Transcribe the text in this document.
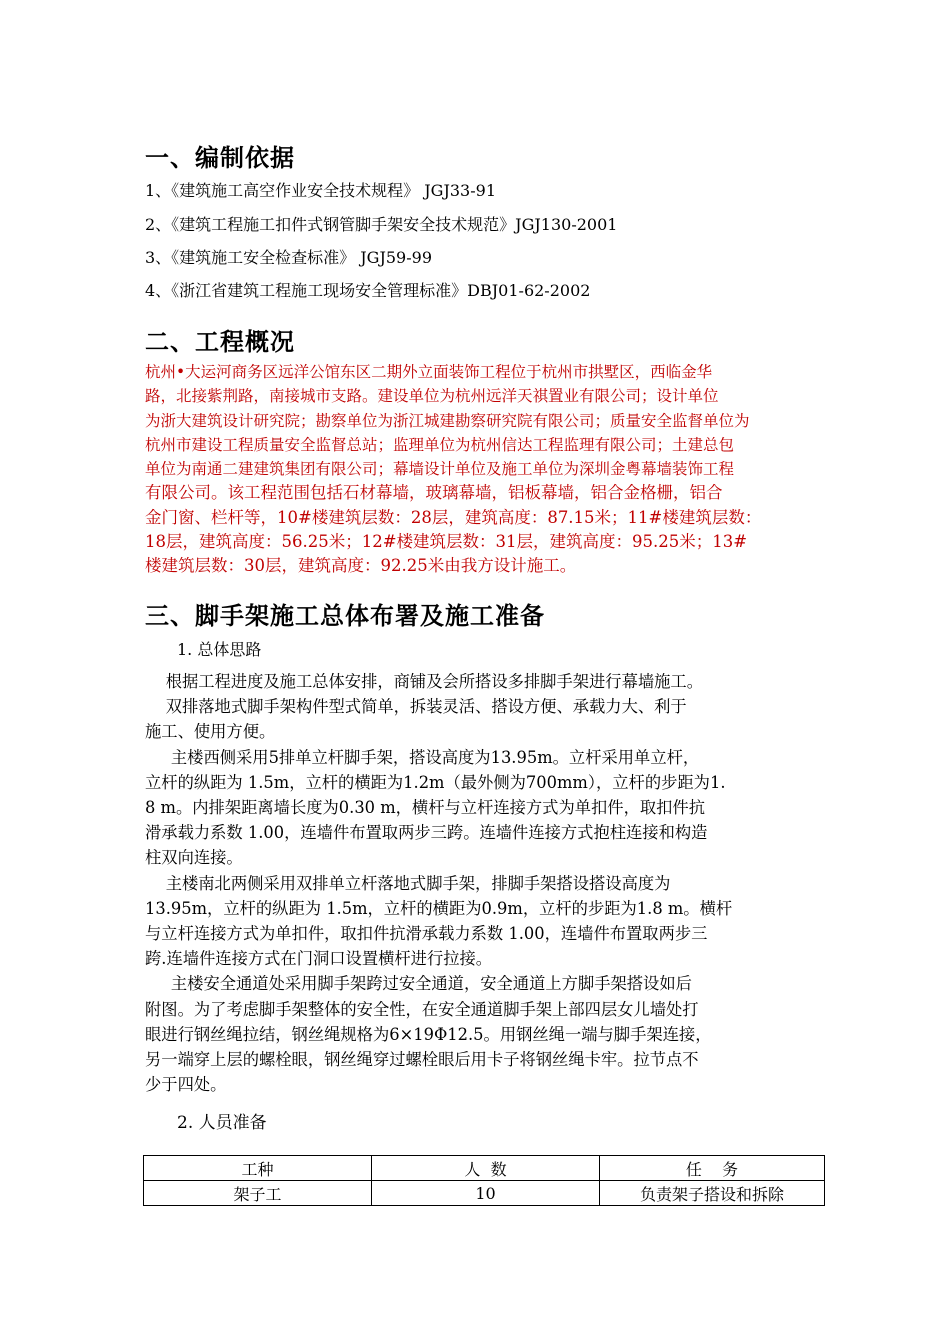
一、编制依据
1、《建筑施工高空作业安全技术规程》 JGJ33-91
2、《建筑工程施工扣件式钢管脚手架安全技术规范》JGJ130-2001
3、《建筑施工安全检查标准》 JGJ59-99
4、《浙江省建筑工程施工现场安全管理标准》DBJ01-62-2002
二、工程概况

杭州•大运河商务区远洋公馆东区二期外立面装饰工程位于杭州市拱墅区，西临金华

路，北接紫荆路，南接城市支路。建设单位为杭州远洋天祺置业有限公司；设计单位

为浙大建筑设计研究院；勘察单位为浙江城建勘察研究院有限公司；质量安全监督单位为

杭州市建设工程质量安全监督总站；监理单位为杭州信达工程监理有限公司；土建总包

单位为南通二建建筑集团有限公司；幕墙设计单位及施工单位为深圳金粤幕墙装饰工程

有限公司。该工程范围包括石材幕墙，玻璃幕墙，铝板幕墙，铝合金格栅，铝合

金门窗、栏杆等，10#楼建筑层数：28层，建筑高度：87.15米；11#楼建筑层数：

18层，建筑高度：56.25米；12#楼建筑层数：31层，建筑高度：95.25米；13#

楼建筑层数：30层，建筑高度：92.25米由我方设计施工。

三、脚手架施工总体布署及施工准备
1. 总体思路

根据工程进度及施工总体安排，商铺及会所搭设多排脚手架进行幕墙施工。

双排落地式脚手架构件型式简单，拆装灵活、搭设方便、承载力大、利于

施工、使用方便。

主楼西侧采用5排单立杆脚手架，搭设高度为13.95m。立杆采用单立杆，

立杆的纵距为 1.5m，立杆的横距为1.2m（最外侧为700mm），立杆的步距为1.

8 m。内排架距离墙长度为0.30 m，横杆与立杆连接方式为单扣件，取扣件抗

滑承载力系数 1.00，连墙件布置取两步三跨。连墙件连接方式抱柱连接和构造

柱双向连接。

主楼南北两侧采用双排单立杆落地式脚手架，排脚手架搭设搭设高度为

13.95m，立杆的纵距为 1.5m，立杆的横距为0.9m，立杆的步距为1.8 m。横杆

与立杆连接方式为单扣件，取扣件抗滑承载力系数 1.00，连墙件布置取两步三

跨.连墙件连接方式在门洞口设置横杆进行拉接。

主楼安全通道处采用脚手架跨过安全通道，安全通道上方脚手架搭设如后

附图。为了考虑脚手架整体的安全性，在安全通道脚手架上部四层女儿墙处打

眼进行钢丝绳拉结，钢丝绳规格为6×19Φ12.5。用钢丝绳一端与脚手架连接，

另一端穿上层的螺栓眼，钢丝绳穿过螺栓眼后用卡子将钢丝绳卡牢。拉节点不

少于四处。

2. 人员准备
工种	人  数	任    务
架子工	10	负责架子搭设和拆除
